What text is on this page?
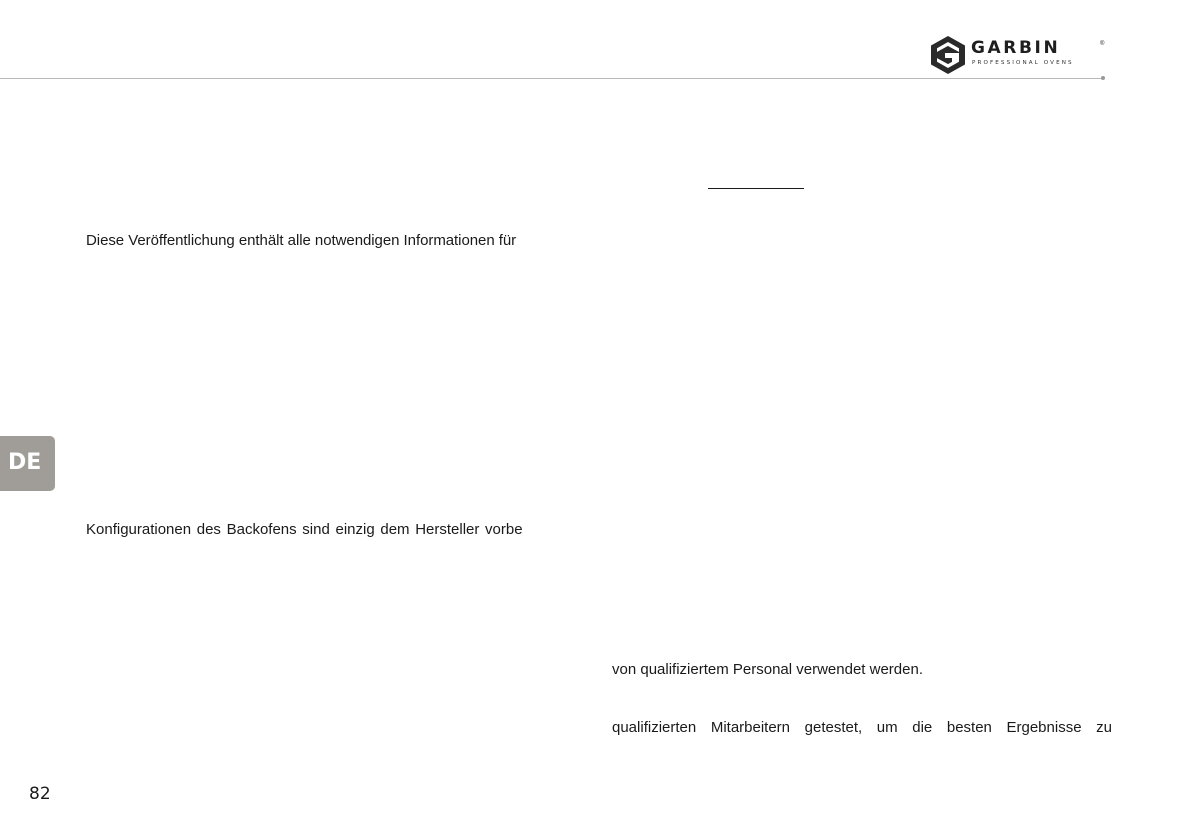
GARBIN	®
PROFESSIONAL OVENS

Diese Veröffentlichung enthält alle notwendigen Informationen für

Konfigurationen des Backofens sind einzig dem Hersteller vorbe

von qualifiziertem Personal verwendet werden.

qualifizierten Mitarbeitern getestet, um die besten Ergebnisse zu

DE
82
